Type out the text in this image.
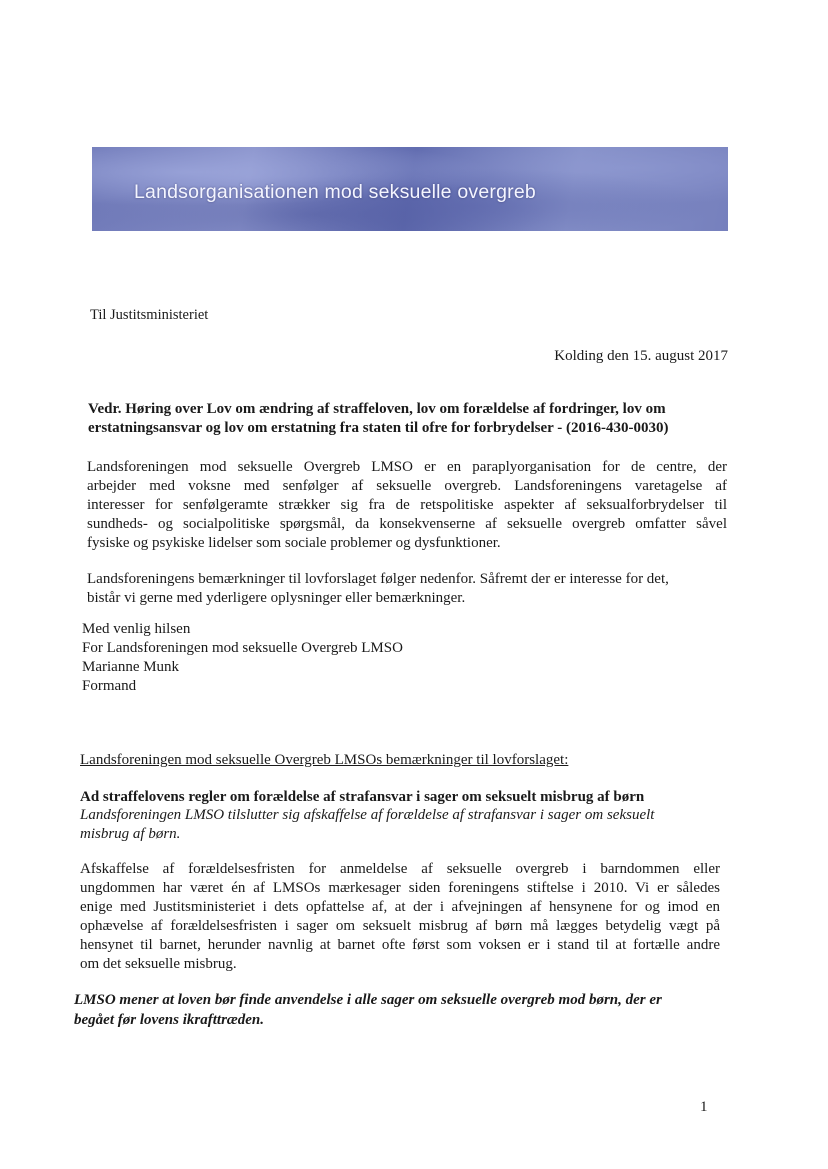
Landsorganisationen mod seksuelle overgreb
Til Justitsministeriet
Kolding den 15. august 2017
Vedr. Høring over Lov om ændring af straffeloven, lov om forældelse af fordringer, lov om
erstatningsansvar og lov om erstatning fra staten til ofre for forbrydelser - (2016-430-0030)
Landsforeningen mod seksuelle Overgreb LMSO er en paraplyorganisation for de centre, der
arbejder med voksne med senfølger af seksuelle overgreb. Landsforeningens varetagelse af
interesser for senfølgeramte strækker sig fra de retspolitiske aspekter af seksualforbrydelser til
sundheds- og socialpolitiske spørgsmål, da konsekvenserne af seksuelle overgreb omfatter såvel
fysiske og psykiske lidelser som sociale problemer og dysfunktioner.
Landsforeningens bemærkninger til lovforslaget følger nedenfor. Såfremt der er interesse for det,
bistår vi gerne med yderligere oplysninger eller bemærkninger.
Med venlig hilsen
For Landsforeningen mod seksuelle Overgreb LMSO
Marianne Munk
Formand
Landsforeningen mod seksuelle Overgreb LMSOs bemærkninger til lovforslaget:
Ad straffelovens regler om forældelse af strafansvar i sager om seksuelt misbrug af børn
Landsforeningen LMSO tilslutter sig afskaffelse af forældelse af strafansvar i sager om seksuelt
misbrug af børn.
Afskaffelse af forældelsesfristen for anmeldelse af seksuelle overgreb i barndommen eller
ungdommen har været én af LMSOs mærkesager siden foreningens stiftelse i 2010. Vi er således
enige med Justitsministeriet i dets opfattelse af, at der i afvejningen af hensynene for og imod en
ophævelse af forældelsesfristen i sager om seksuelt misbrug af børn må lægges betydelig vægt på
hensynet til barnet, herunder navnlig at barnet ofte først som voksen er i stand til at fortælle andre
om det seksuelle misbrug.
LMSO mener at loven bør finde anvendelse i alle sager om seksuelle overgreb mod børn, der er
begået før lovens ikrafttræden.
1
